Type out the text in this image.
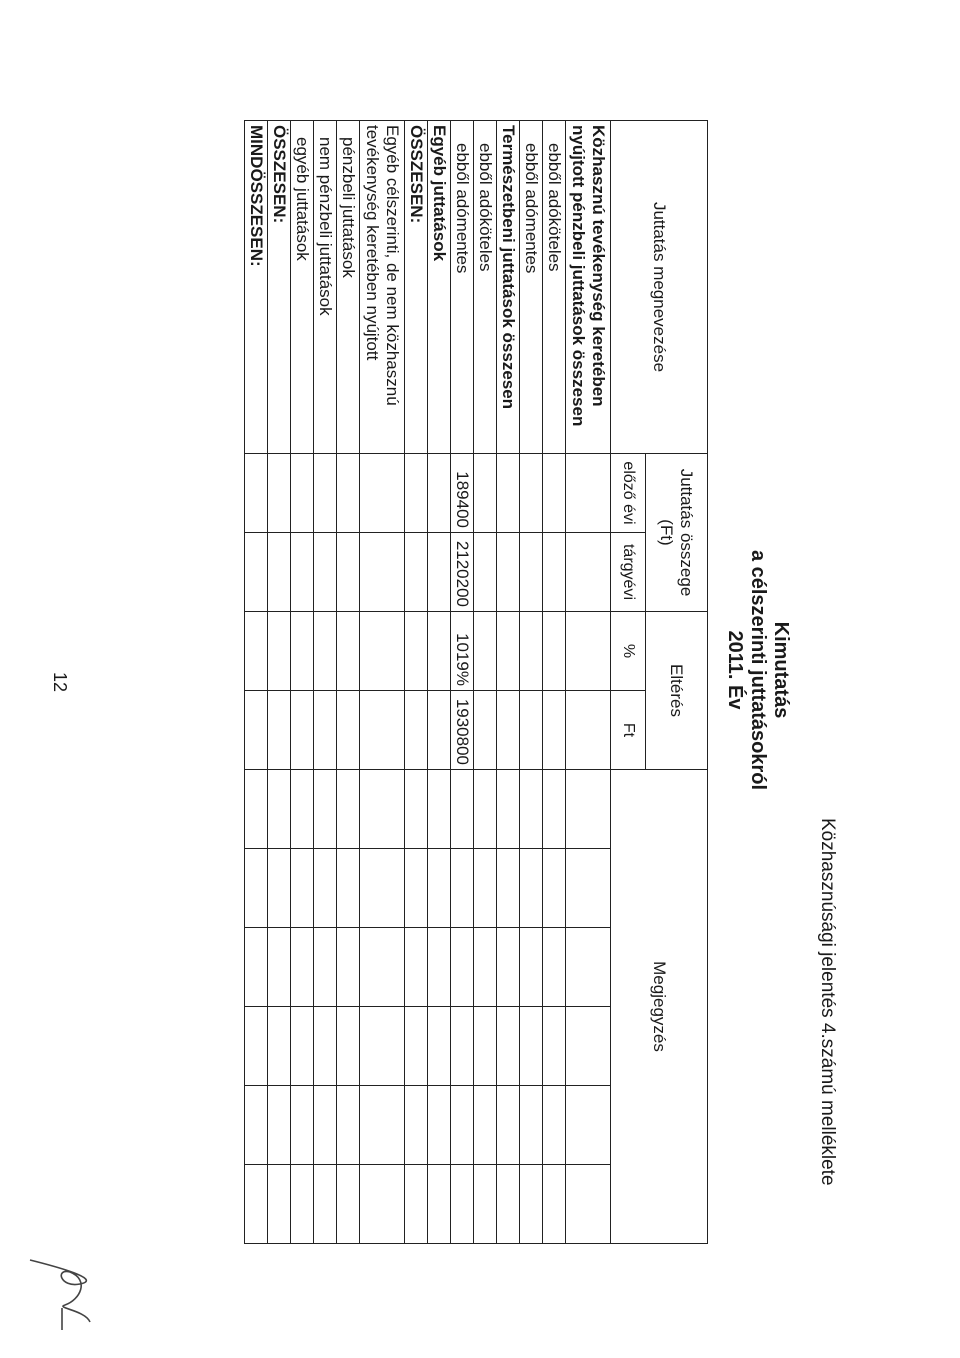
Közhasznúsági jelentés 4.számú melléklete
Kimutatás
a célszerinti juttatásokról
2011. Év
Juttatás megnevezése	Juttatás összege (Ft)		Eltérés		Megjegyzés					
	előző évi	tárgyévi	%	Ft						
Közhasznú tevékenység keretében nyújtott pénzbeli juttatások összesen										
ebből adóköteles										
ebből adómentes										
Természetbeni juttatások összesen										
ebből adóköteles										
ebből adómentes	189400	2120200	1019%	1930800						
Egyéb juttatások										
ÖSSZESEN:										
Egyéb célszerinti, de nem közhasznú tevékenység keretében nyújtott										
pénzbeli juttatások										
nem pénzbeli juttatások										
egyéb juttatások										
ÖSSZESEN:										
MINDÖSSZESEN:										
12
